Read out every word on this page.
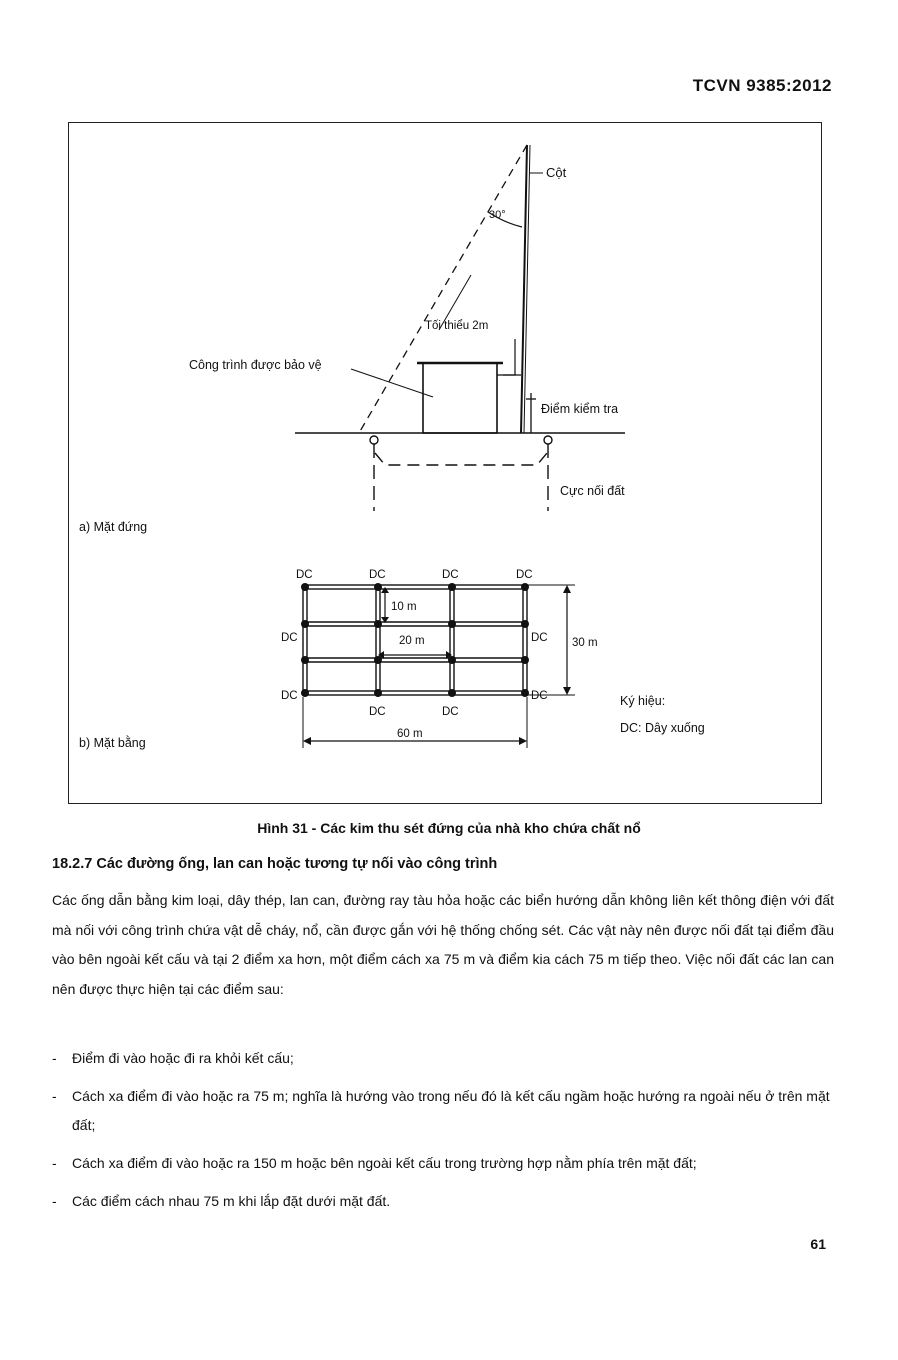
TCVN 9385:2012
Cột
30°
Tối thiểu 2m
Công trình được bảo vệ
Điểm kiểm tra
Cực nối đất
a) Mặt đứng
DC	DC	DC	DC
DC	DC
DC	DC
DC	DC
10 m
20 m	30 m
60 m
Ký hiệu:
DC: Dây xuống
b) Mặt bằng
Hình 31 - Các kim thu sét đứng của nhà kho chứa chất nổ
18.2.7 Các đường ống, lan can hoặc tương tự nối vào công trình
Các ống dẫn bằng kim loại, dây thép, lan can, đường ray tàu hỏa hoặc các biển hướng dẫn không liên kết thông điện với đất mà nối với công trình chứa vật dễ cháy, nổ, cần được gắn với hệ thống chống sét. Các vật này nên được nối đất tại điểm đầu vào bên ngoài kết cấu và tại 2 điểm xa hơn, một điểm cách xa 75 m và điểm kia cách 75 m tiếp theo. Việc nối đất các lan can nên được thực hiện tại các điểm sau:
- Điểm đi vào hoặc đi ra khỏi kết cấu;
- Cách xa điểm đi vào hoặc ra 75 m; nghĩa là hướng vào trong nếu đó là kết cấu ngầm hoặc hướng ra ngoài nếu ở trên mặt đất;
- Cách xa điểm đi vào hoặc ra 150 m hoặc bên ngoài kết cấu trong trường hợp nằm phía trên mặt đất;
- Các điểm cách nhau 75 m khi lắp đặt dưới mặt đất.
61
